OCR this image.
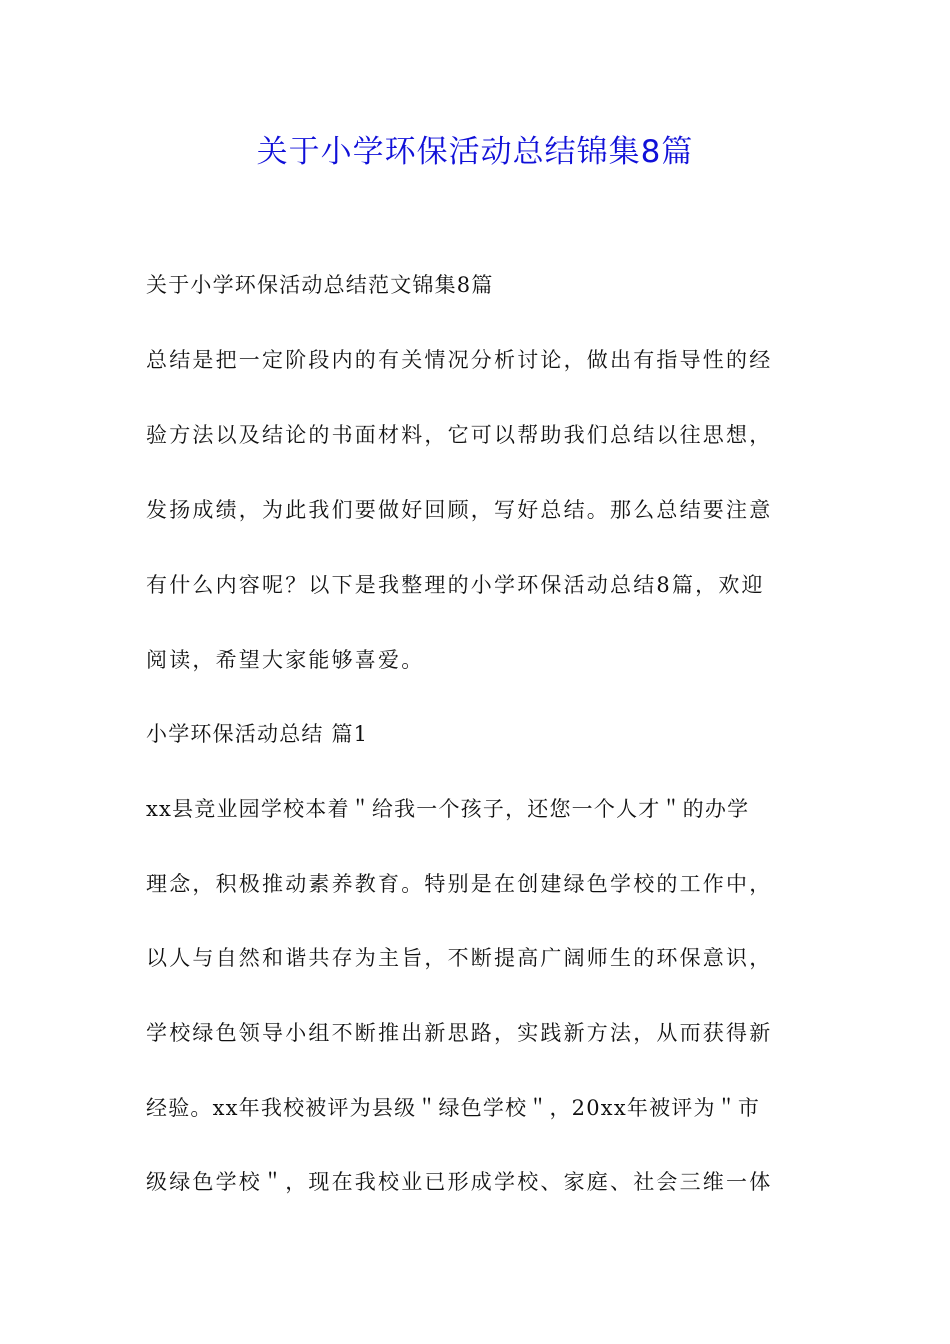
关于小学环保活动总结锦集8篇
关于小学环保活动总结范文锦集8篇
总结是把一定阶段内的有关情况分析讨论，做出有指导性的经
验方法以及结论的书面材料，它可以帮助我们总结以往思想，
发扬成绩，为此我们要做好回顾，写好总结。那么总结要注意
有什么内容呢？以下是我整理的小学环保活动总结8篇，欢迎
阅读，希望大家能够喜爱。
小学环保活动总结 篇1
xx县竞业园学校本着＂给我一个孩子，还您一个人才＂的办学
理念，积极推动素养教育。特别是在创建绿色学校的工作中，
以人与自然和谐共存为主旨，不断提高广阔师生的环保意识，
学校绿色领导小组不断推出新思路，实践新方法，从而获得新
经验。xx年我校被评为县级＂绿色学校＂，20xx年被评为＂市
级绿色学校＂，现在我校业已形成学校、家庭、社会三维一体
